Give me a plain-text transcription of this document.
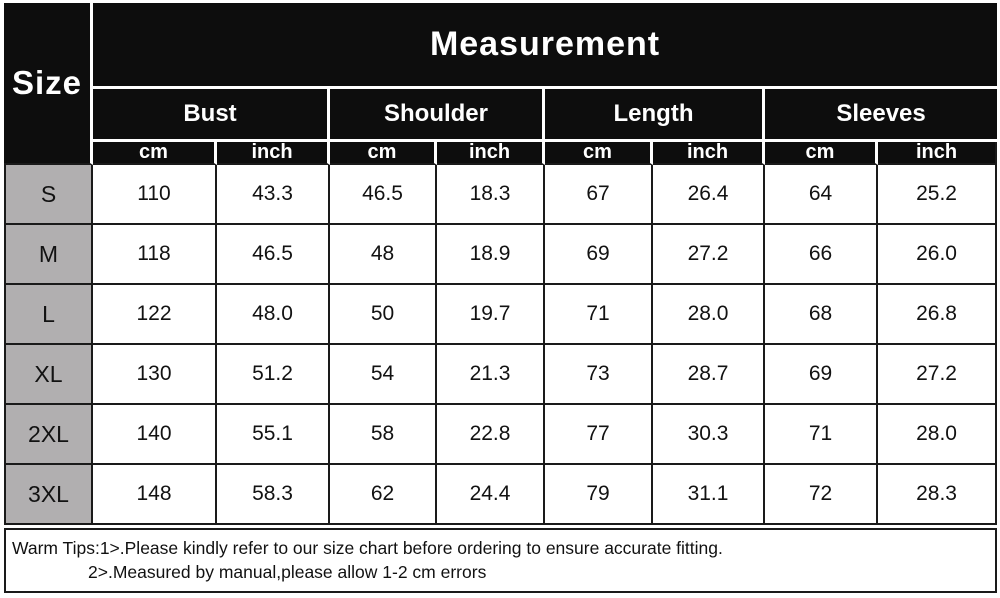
Size	Measurement							
	Bust		Shoulder		Length		Sleeves	
	cm	inch	cm	inch	cm	inch	cm	inch
S	110	43.3	46.5	18.3	67	26.4	64	25.2
M	118	46.5	48	18.9	69	27.2	66	26.0
L	122	48.0	50	19.7	71	28.0	68	26.8
XL	130	51.2	54	21.3	73	28.7	69	27.2
2XL	140	55.1	58	22.8	77	30.3	71	28.0
3XL	148	58.3	62	24.4	79	31.1	72	28.3
Warm Tips:1>.Please kindly refer to our size chart before ordering to ensure accurate fitting.
2>.Measured by manual,please allow 1-2 cm errors
